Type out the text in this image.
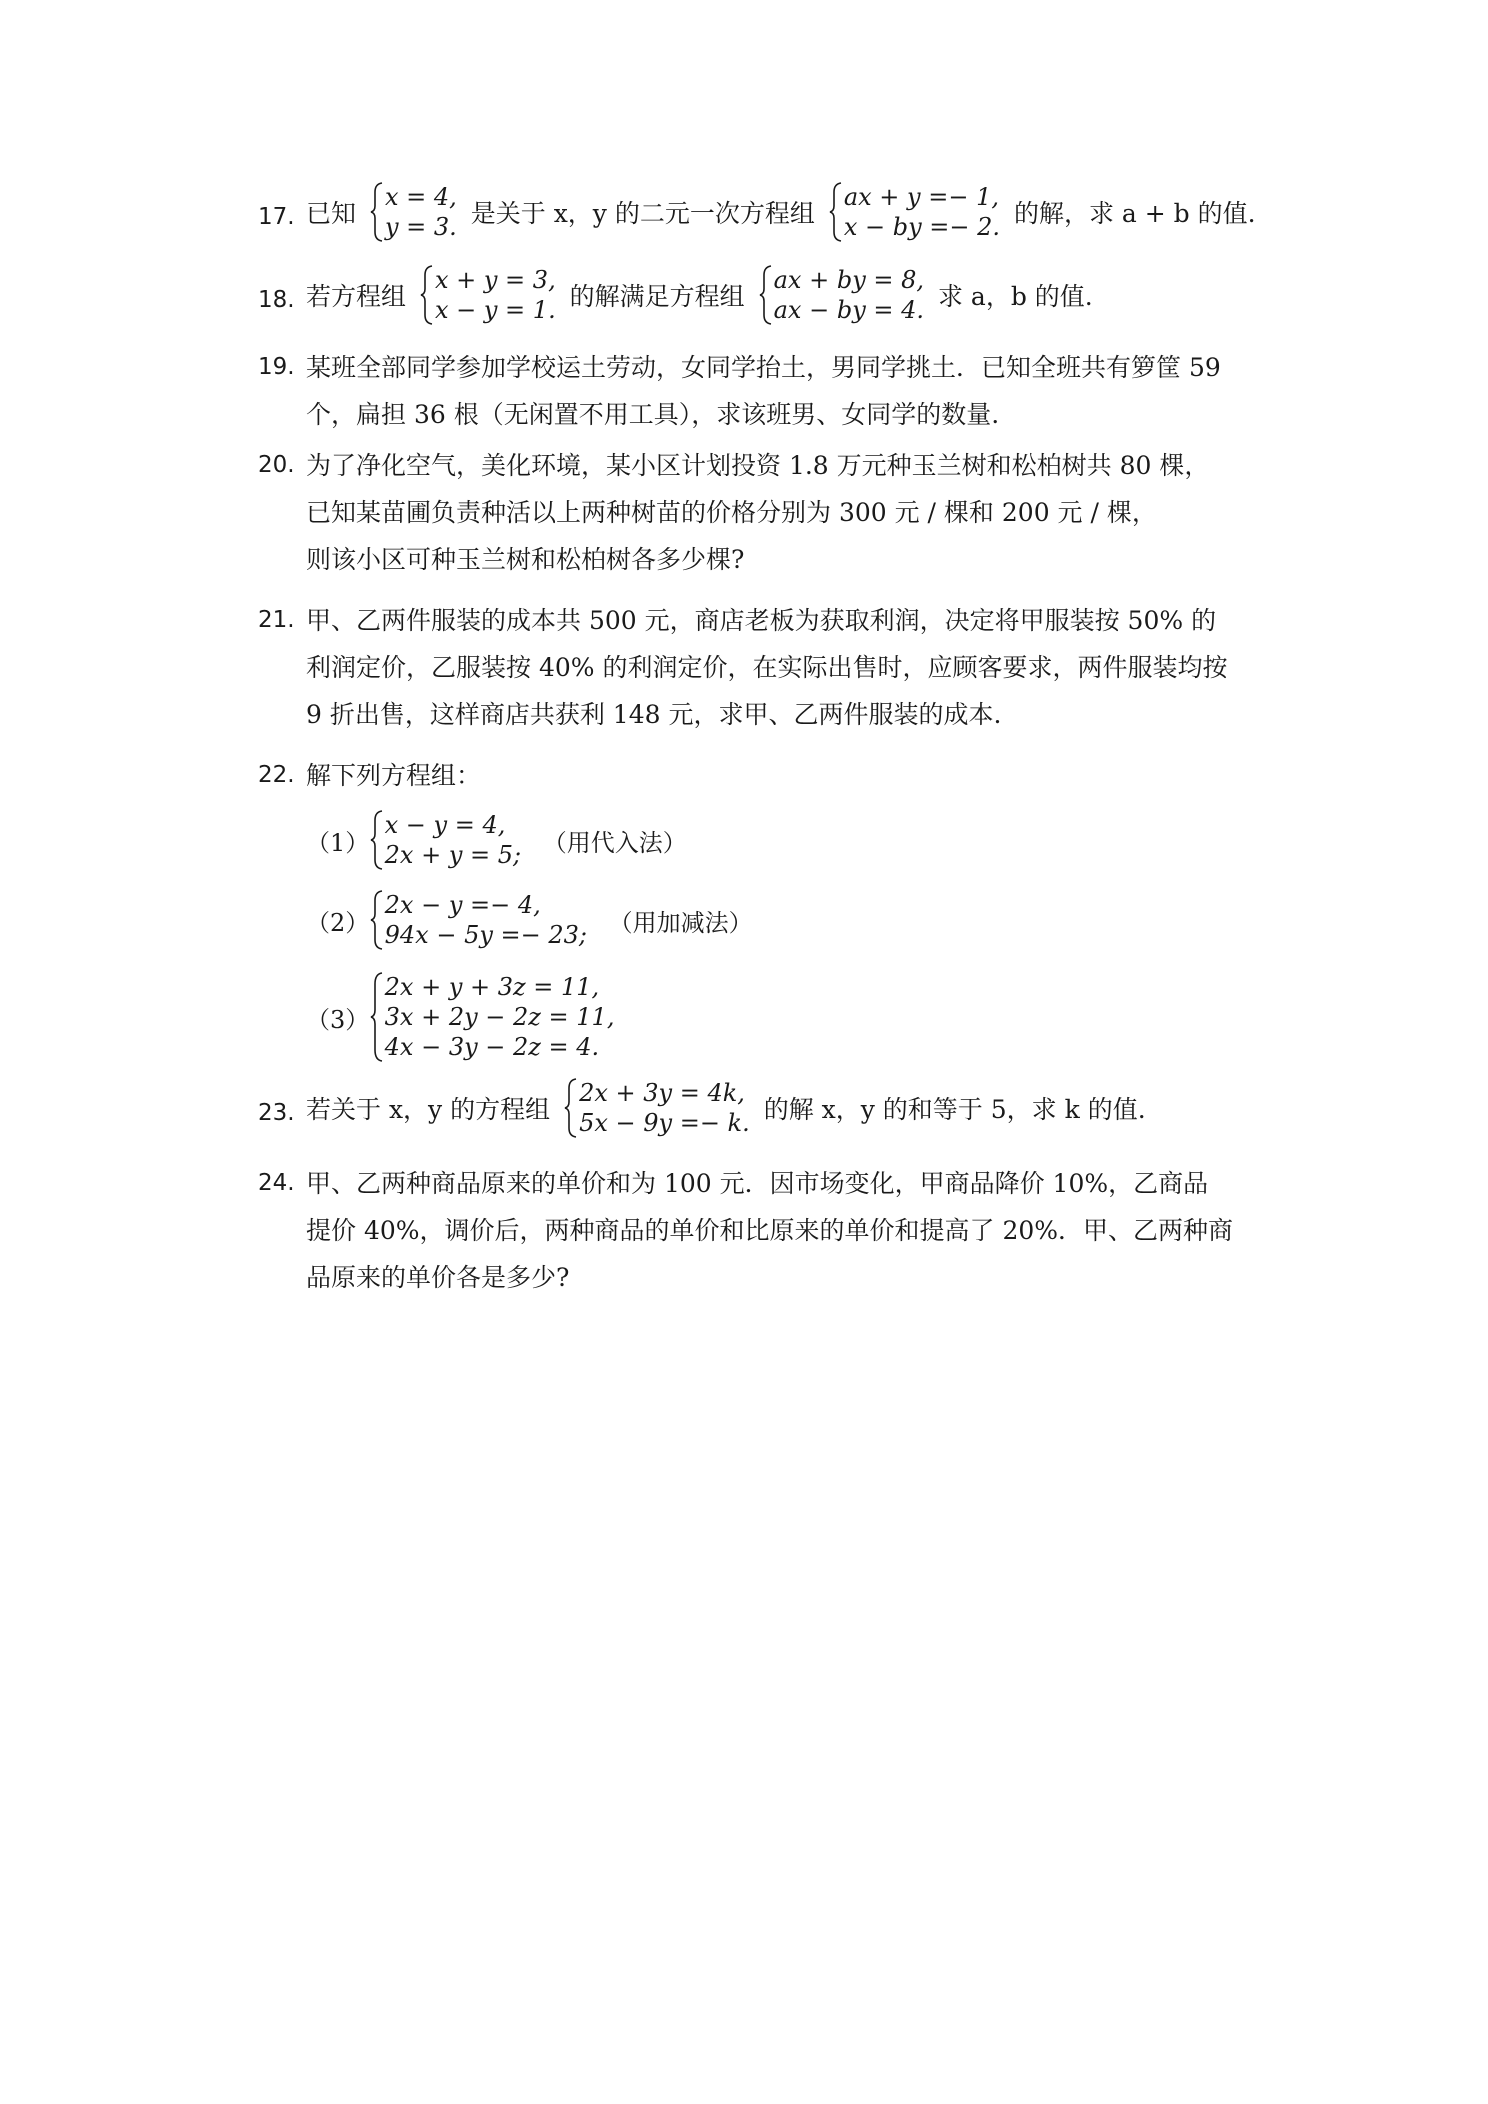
17. 已知
x = 4,
y = 3. 是关于 x，y 的二元一次方程组
ax + y =− 1,
x − by =− 2. 的解，求 a + b 的值.
18. 若方程组
x + y = 3,
x − y = 1. 的解满足方程组
ax + by = 8,
ax − by = 4. 求 a，b 的值.
19. 某班全部同学参加学校运土劳动，女同学抬土，男同学挑土．已知全班共有箩筐 59
个，扁担 36 根（无闲置不用工具），求该班男、女同学的数量.
20. 为了净化空气，美化环境，某小区计划投资 1.8 万元种玉兰树和松柏树共 80 棵，
已知某苗圃负责种活以上两种树苗的价格分别为 300 元 / 棵和 200 元 / 棵，
则该小区可种玉兰树和松柏树各多少棵?
21. 甲、乙两件服装的成本共 500 元，商店老板为获取利润，决定将甲服装按 50% 的
利润定价，乙服装按 40% 的利润定价，在实际出售时，应顾客要求，两件服装均按
9 折出售，这样商店共获利 148 元，求甲、乙两件服装的成本.
22. 解下列方程组：
（1）
x − y = 4,
2x + y = 5; （用代入法）
（2）
2x − y =− 4,
94x − 5y =− 23; （用加减法）
（3）
2x + y + 3z = 11,
3x + 2y − 2z = 11,
4x − 3y − 2z = 4.
23. 若关于 x，y 的方程组
2x + 3y = 4k,
5x − 9y =− k. 的解 x，y 的和等于 5，求 k 的值.
24. 甲、乙两种商品原来的单价和为 100 元．因市场变化，甲商品降价 10%，乙商品
提价 40%，调价后，两种商品的单价和比原来的单价和提高了 20%．甲、乙两种商
品原来的单价各是多少?
